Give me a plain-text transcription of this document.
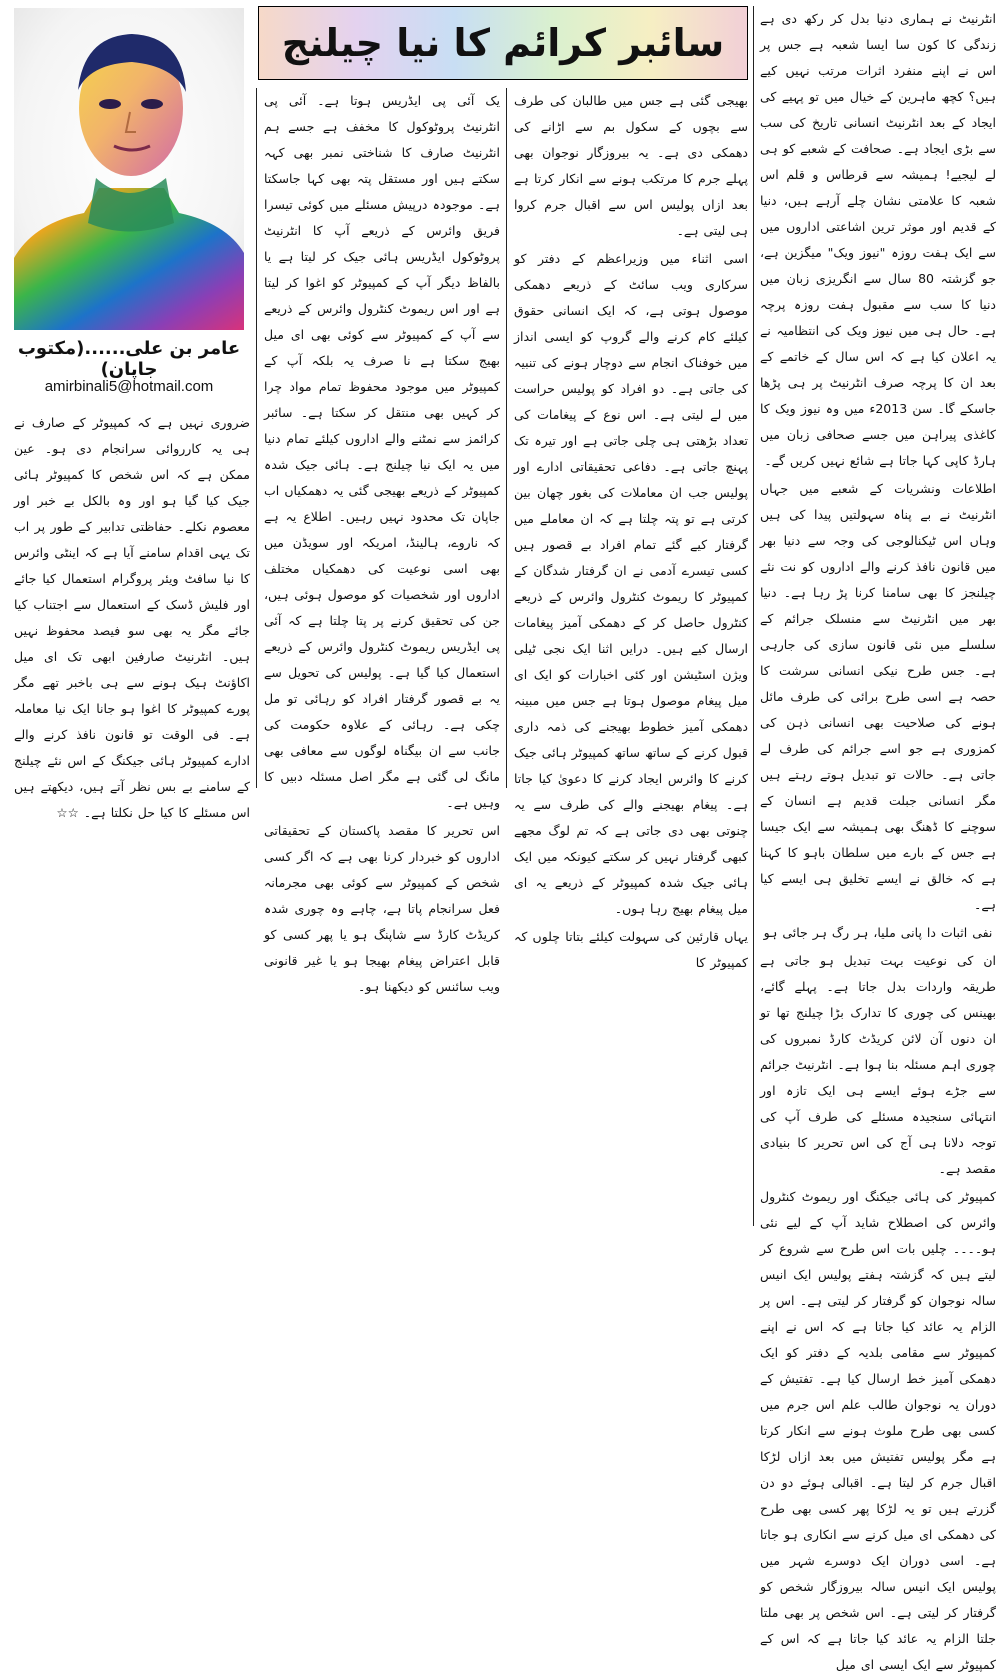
سائبر کرائم کا نیا چیلنج
عامر بن علی......(مکتوب جاپان)
amirbinali5@hotmail.com

انٹرنیٹ نے ہماری دنیا بدل کر رکھ دی ہے زندگی کا کون سا ایسا شعبہ ہے جس پر اس نے اپنے منفرد اثرات مرتب نہیں کیے ہیں؟ کچھ ماہرین کے خیال میں تو پہیے کی ایجاد کے بعد انٹرنیٹ انسانی تاریخ کی سب سے بڑی ایجاد ہے۔ صحافت کے شعبے کو ہی لے لیجیے! ہمیشہ سے قرطاس و قلم اس شعبہ کا علامتی نشان چلے آرہے ہیں، دنیا کے قدیم اور موثر ترین اشاعتی اداروں میں سے ایک ہفت روزہ "نیوز ویک" میگزین ہے، جو گزشتہ 80 سال سے انگریزی زبان میں دنیا کا سب سے مقبول ہفت روزہ پرچہ ہے۔ حال ہی میں نیوز ویک کی انتظامیہ نے یہ اعلان کیا ہے کہ اس سال کے خاتمے کے بعد ان کا پرچہ صرف انٹرنیٹ پر ہی پڑھا جاسکے گا۔ سن 2013ء میں وہ نیوز ویک کا کاغذی پیراہن میں جسے صحافی زبان میں ہارڈ کاپی کہا جاتا ہے شائع نہیں کریں گے۔

اطلاعات ونشریات کے شعبے میں جہاں انٹرنیٹ نے بے پناہ سہولتیں پیدا کی ہیں وہاں اس ٹیکنالوجی کی وجہ سے دنیا بھر میں قانون نافذ کرنے والے اداروں کو نت نئے چیلنجز کا بھی سامنا کرنا پڑ رہا ہے۔ دنیا بھر میں انٹرنیٹ سے منسلک جرائم کے سلسلے میں نئی قانون سازی کی جارہی ہے۔ جس طرح نیکی انسانی سرشت کا حصہ ہے اسی طرح برائی کی طرف مائل ہونے کی صلاحیت بھی انسانی ذہن کی کمزوری ہے جو اسے جرائم کی طرف لے جاتی ہے۔ حالات تو تبدیل ہوتے رہتے ہیں مگر انسانی جبلت قدیم ہے انسان کے سوچنے کا ڈھنگ بھی ہمیشہ سے ایک جیسا ہے جس کے بارے میں سلطان باہو کا کہنا ہے کہ خالق نے ایسے تخلیق ہی ایسے کیا ہے۔

نفی اثبات دا پانی ملیا، ہر رگ ہر جائی ہو

ان کی نوعیت بہت تبدیل ہو جاتی ہے طریقہ واردات بدل جاتا ہے۔ پہلے گائے، بھینس کی چوری کا تدارک بڑا چیلنج تھا تو ان دنوں آن لائن کریڈٹ کارڈ نمبروں کی چوری اہم مسئلہ بنا ہوا ہے۔ انٹرنیٹ جرائم سے جڑے ہوئے ایسے ہی ایک تازہ اور انتہائی سنجیدہ مسئلے کی طرف آپ کی توجہ دلانا ہی آج کی اس تحریر کا بنیادی مقصد ہے۔

کمپیوٹر کی ہائی جیکنگ اور ریموٹ کنٹرول وائرس کی اصطلاح شاید آپ کے لیے نئی ہو۔۔۔۔ چلیں بات اس طرح سے شروع کر لیتے ہیں کہ گزشتہ ہفتے پولیس ایک انیس سالہ نوجوان کو گرفتار کر لیتی ہے۔ اس پر الزام یہ عائد کیا جاتا ہے کہ اس نے اپنے کمپیوٹر سے مقامی بلدیہ کے دفتر کو ایک دھمکی آمیز خط ارسال کیا ہے۔ تفتیش کے دوران یہ نوجوان طالب علم اس جرم میں کسی بھی طرح ملوث ہونے سے انکار کرتا ہے مگر پولیس تفتیش میں بعد ازاں لڑکا اقبال جرم کر لیتا ہے۔ اقبالی ہوئے دو دن گزرتے ہیں تو یہ لڑکا پھر کسی بھی طرح کی دھمکی ای میل کرنے سے انکاری ہو جاتا ہے۔ اسی دوران ایک دوسرے شہر میں پولیس ایک انیس سالہ بیروزگار شخص کو گرفتار کر لیتی ہے۔ اس شخص پر بھی ملتا جلتا الزام یہ عائد کیا جاتا ہے کہ اس کے کمپیوٹر سے ایک ایسی ای میل

بھیجی گئی ہے جس میں طالبان کی طرف سے بچوں کے سکول بم سے اڑانے کی دھمکی دی ہے۔ یہ بیروزگار نوجوان بھی پہلے جرم کا مرتکب ہونے سے انکار کرتا ہے بعد ازاں پولیس اس سے اقبال جرم کروا ہی لیتی ہے۔

اسی اثناء میں وزیراعظم کے دفتر کو سرکاری ویب سائٹ کے ذریعے دھمکی موصول ہوتی ہے، کہ ایک انسانی حقوق کیلئے کام کرنے والے گروپ کو ایسی انداز میں خوفناک انجام سے دوچار ہونے کی تنبیہ کی جاتی ہے۔ دو افراد کو پولیس حراست میں لے لیتی ہے۔ اس نوع کے پیغامات کی تعداد بڑھتی ہی چلی جاتی ہے اور تیرہ تک پہنچ جاتی ہے۔ دفاعی تحقیقاتی ادارے اور پولیس جب ان معاملات کی بغور چھان بین کرتی ہے تو پتہ چلتا ہے کہ ان معاملے میں گرفتار کیے گئے تمام افراد بے قصور ہیں کسی تیسرے آدمی نے ان گرفتار شدگان کے کمپیوٹر کا ریموٹ کنٹرول وائرس کے ذریعے کنٹرول حاصل کر کے دھمکی آمیز پیغامات ارسال کیے ہیں۔ درایں اثنا ایک نجی ٹیلی ویژن اسٹیشن اور کئی اخبارات کو ایک ای میل پیغام موصول ہوتا ہے جس میں مبینہ دھمکی آمیز خطوط بھیجنے کی ذمہ داری قبول کرنے کے ساتھ ساتھ کمپیوٹر ہائی جیک کرنے کا وائرس ایجاد کرنے کا دعویٰ کیا جاتا ہے۔ پیغام بھیجنے والے کی طرف سے یہ چنوتی بھی دی جاتی ہے کہ تم لوگ مجھے کبھی گرفتار نہیں کر سکتے کیونکہ میں ایک ہائی جیک شدہ کمپیوٹر کے ذریعے یہ ای میل پیغام بھیج رہا ہوں۔

یہاں قارئین کی سہولت کیلئے بتاتا چلوں کہ کمپیوٹر کا

یک آئی پی ایڈریس ہوتا ہے۔ آئی پی انٹرنیٹ پروٹوکول کا مخفف ہے جسے ہم انٹرنیٹ صارف کا شناختی نمبر بھی کہہ سکتے ہیں اور مستقل پتہ بھی کہا جاسکتا ہے۔ موجودہ درپیش مسئلے میں کوئی تیسرا فریق وائرس کے ذریعے آپ کا انٹرنیٹ پروٹوکول ایڈریس ہائی جیک کر لیتا ہے یا بالفاظ دیگر آپ کے کمپیوٹر کو اغوا کر لیتا ہے اور اس ریموٹ کنٹرول وائرس کے ذریعے سے آپ کے کمپیوٹر سے کوئی بھی ای میل بھیج سکتا ہے نا صرف یہ بلکہ آپ کے کمپیوٹر میں موجود محفوظ تمام مواد چرا کر کہیں بھی منتقل کر سکتا ہے۔ سائبر کرائمز سے نمٹنے والے اداروں کیلئے تمام دنیا میں یہ ایک نیا چیلنج ہے۔ ہائی جیک شدہ کمپیوٹر کے ذریعے بھیجی گئی یہ دھمکیاں اب جاپان تک محدود نہیں رہیں۔ اطلاع یہ ہے کہ ناروے، ہالینڈ، امریکہ اور سویڈن میں بھی اسی نوعیت کی دھمکیاں مختلف اداروں اور شخصیات کو موصول ہوئی ہیں، جن کی تحقیق کرنے پر پتا چلتا ہے کہ آئی پی ایڈریس ریموٹ کنٹرول وائرس کے ذریعے استعمال کیا گیا ہے۔ پولیس کی تحویل سے یہ بے قصور گرفتار افراد کو رہائی تو مل چکی ہے۔ رہائی کے علاوہ حکومت کی جانب سے ان بیگناہ لوگوں سے معافی بھی مانگ لی گئی ہے مگر اصل مسئلہ دبیں کا وہیں ہے۔

اس تحریر کا مقصد پاکستان کے تحقیقاتی اداروں کو خبردار کرنا بھی ہے کہ اگر کسی شخص کے کمپیوٹر سے کوئی بھی مجرمانہ فعل سرانجام پاتا ہے، چاہے وہ چوری شدہ کریڈٹ کارڈ سے شاپنگ ہو یا پھر کسی کو قابل اعتراض پیغام بھیجا ہو یا غیر قانونی ویب سائنس کو دیکھنا ہو۔

ضروری نہیں ہے کہ کمپیوٹر کے صارف نے ہی یہ کارروائی سرانجام دی ہو۔ عین ممکن ہے کہ اس شخص کا کمپیوٹر ہائی جیک کیا گیا ہو اور وہ بالکل بے خبر اور معصوم نکلے۔ حفاظتی تدابیر کے طور پر اب تک یہی اقدام سامنے آیا ہے کہ اینٹی وائرس کا نیا سافٹ ویئر پروگرام استعمال کیا جائے اور فلیش ڈسک کے استعمال سے اجتناب کیا جائے مگر یہ بھی سو فیصد محفوظ نہیں ہیں۔ انٹرنیٹ صارفین ابھی تک ای میل اکاؤنٹ ہیک ہونے سے ہی باخبر تھے مگر پورے کمپیوٹر کا اغوا ہو جانا ایک نیا معاملہ ہے۔ فی الوقت تو قانون نافذ کرنے والے ادارے کمپیوٹر ہائی جیکنگ کے اس نئے چیلنج کے سامنے بے بس نظر آتے ہیں، دیکھتے ہیں اس مسئلے کا کیا حل نکلتا ہے۔ ☆☆
